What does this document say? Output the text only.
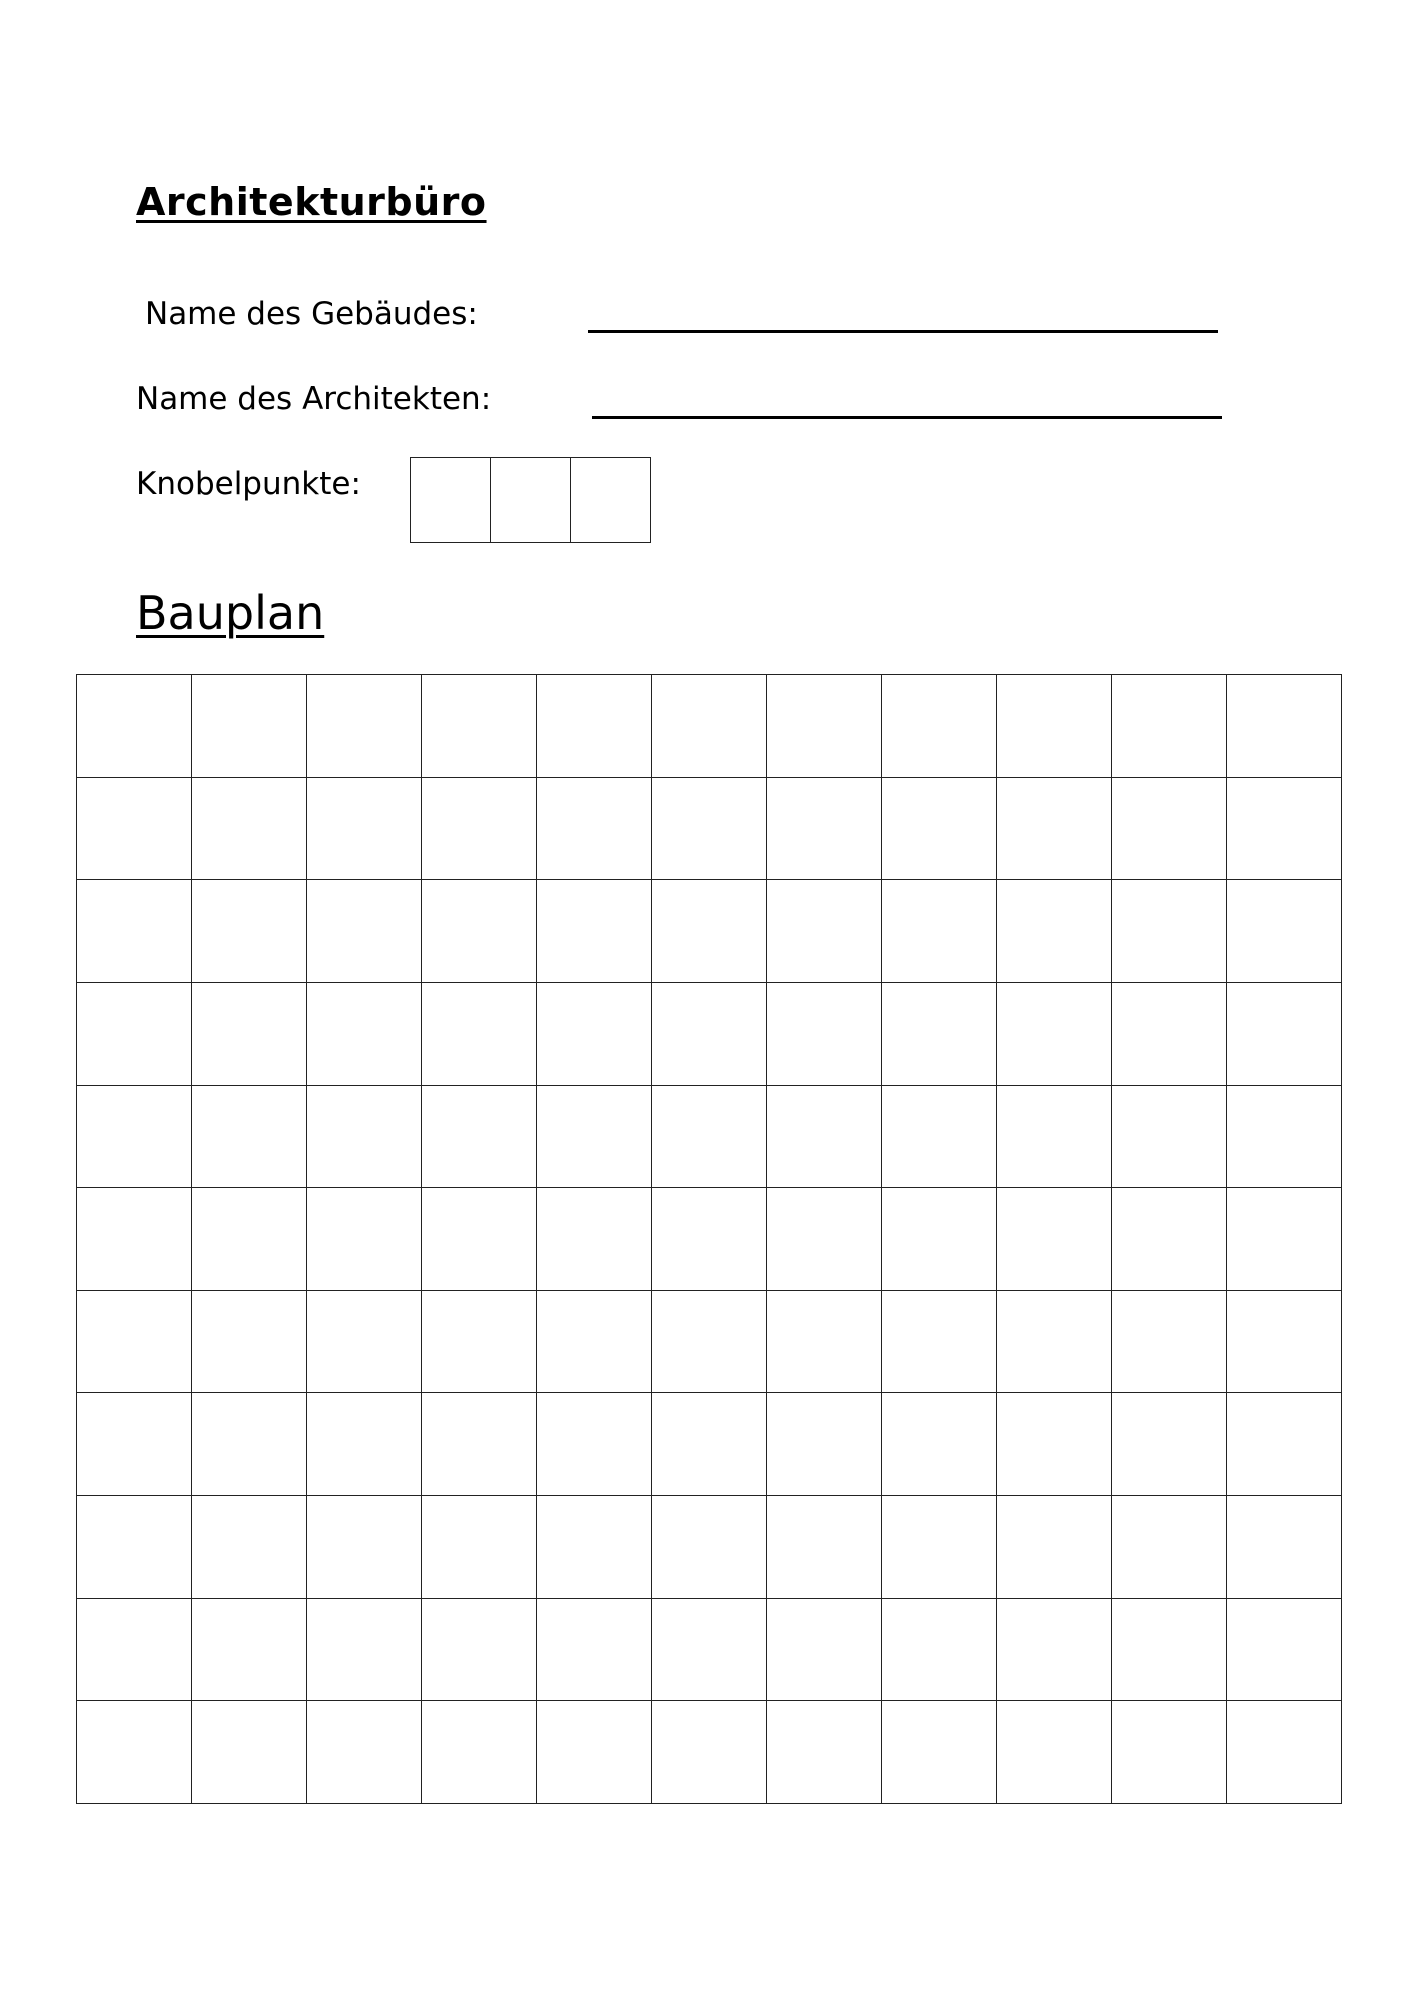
Architekturbüro
Name des Gebäudes:
Name des Architekten:
Knobelpunkte:
Bauplan
